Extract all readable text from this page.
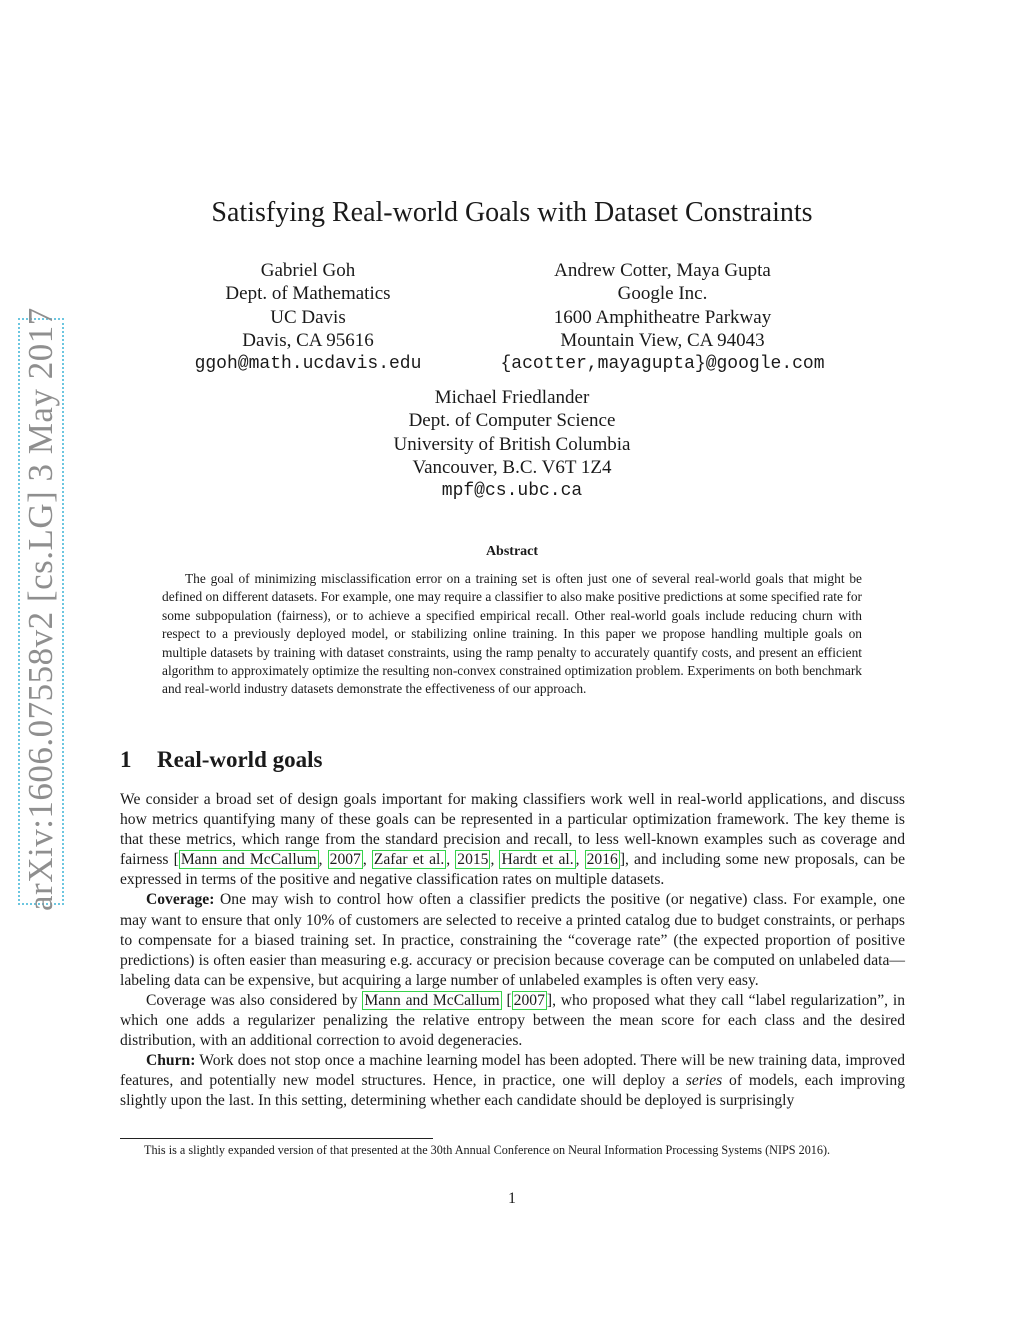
arXiv:1606.07558v2 [cs.LG] 3 May 2017
Satisfying Real-world Goals with Dataset Constraints
Gabriel Goh
Dept. of Mathematics
UC Davis
Davis, CA 95616
ggoh@math.ucdavis.edu
Andrew Cotter, Maya Gupta
Google Inc.
1600 Amphitheatre Parkway
Mountain View, CA 94043
{acotter,mayagupta}@google.com
Michael Friedlander
Dept. of Computer Science
University of British Columbia
Vancouver, B.C. V6T 1Z4
mpf@cs.ubc.ca
Abstract
The goal of minimizing misclassification error on a training set is often just one of several real-world goals that might be defined on different datasets. For example, one may require a classifier to also make positive predictions at some specified rate for some subpopulation (fairness), or to achieve a specified empirical recall. Other real-world goals include reducing churn with respect to a previously deployed model, or stabilizing online training. In this paper we propose handling multiple goals on multiple datasets by training with dataset constraints, using the ramp penalty to accurately quantify costs, and present an efficient algorithm to approximately optimize the resulting non-convex constrained optimization problem. Experiments on both benchmark and real-world industry datasets demonstrate the effectiveness of our approach.
1 Real-world goals

We consider a broad set of design goals important for making classifiers work well in real-world applications, and discuss how metrics quantifying many of these goals can be represented in a particular optimization framework. The key theme is that these metrics, which range from the standard precision and recall, to less well-known examples such as coverage and fairness [ Mann and McCallum , 2007 , Zafar et al. , 2015 , Hardt et al. , 2016 ], and including some new proposals, can be expressed in terms of the positive and negative classification rates on multiple datasets.

Coverage: One may wish to control how often a classifier predicts the positive (or negative) class. For example, one may want to ensure that only 10% of customers are selected to receive a printed catalog due to budget constraints, or perhaps to compensate for a biased training set. In practice, constraining the “coverage rate” (the expected proportion of positive predictions) is often easier than measuring e.g. accuracy or precision because coverage can be computed on unlabeled data—labeling data can be expensive, but acquiring a large number of unlabeled examples is often very easy.

Coverage was also considered by Mann and McCallum [ 2007 ], who proposed what they call “label regularization”, in which one adds a regularizer penalizing the relative entropy between the mean score for each class and the desired distribution, with an additional correction to avoid degeneracies.

Churn: Work does not stop once a machine learning model has been adopted. There will be new training data, improved features, and potentially new model structures. Hence, in practice, one will deploy a series of models, each improving slightly upon the last. In this setting, determining whether each candidate should be deployed is surprisingly

This is a slightly expanded version of that presented at the 30th Annual Conference on Neural Information Processing Systems (NIPS 2016).
1
